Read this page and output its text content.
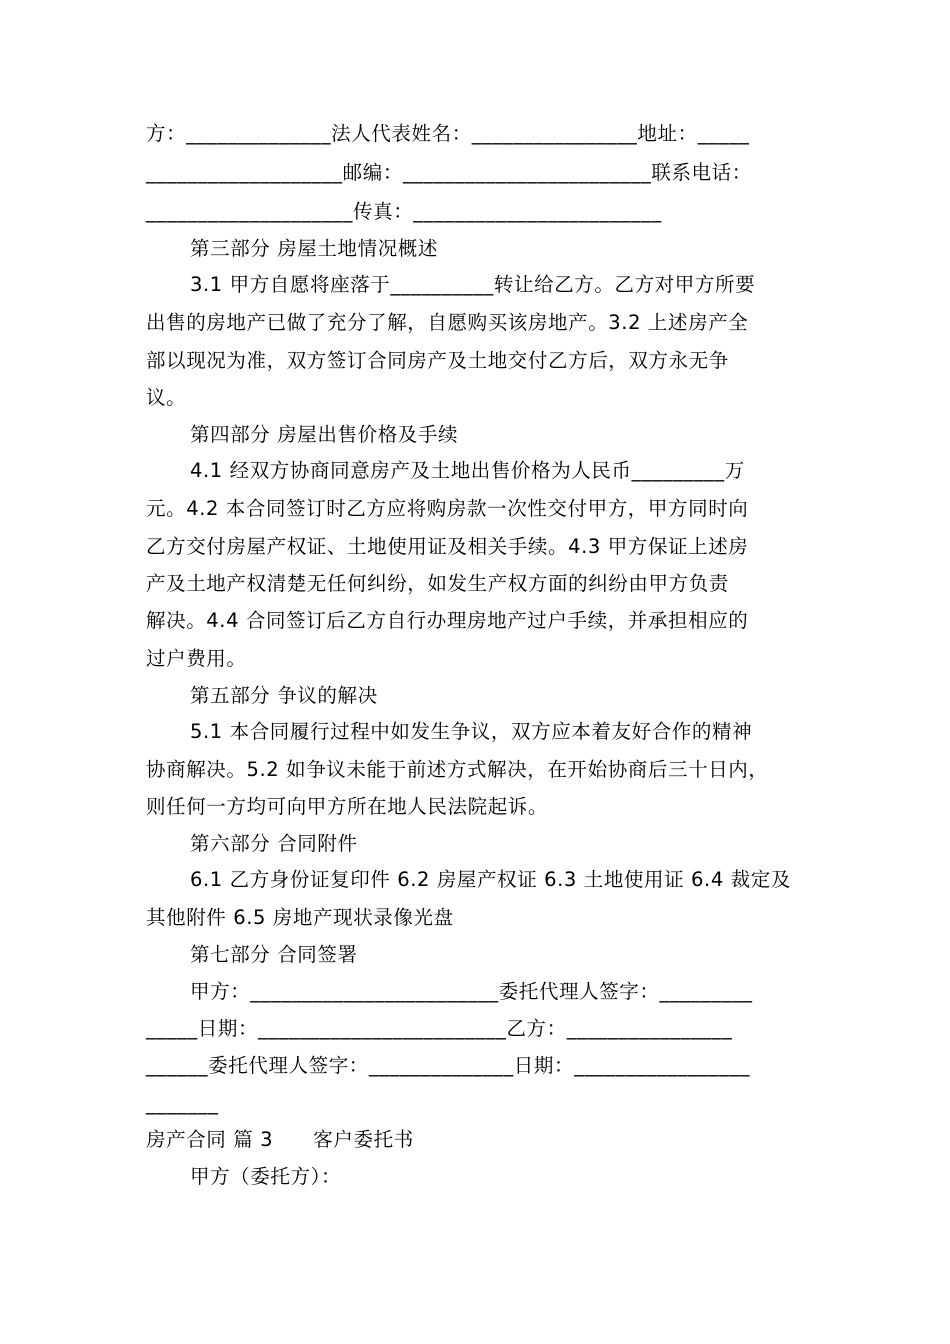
方：______________法人代表姓名：________________地址：_____
___________________邮编：________________________联系电话：
____________________传真：________________________
第三部分 房屋土地情况概述
3.1 甲方自愿将座落于__________转让给乙方。乙方对甲方所要
出售的房地产已做了充分了解，自愿购买该房地产。3.2 上述房产全
部以现况为准，双方签订合同房产及土地交付乙方后，双方永无争
议。
第四部分 房屋出售价格及手续
4.1 经双方协商同意房产及土地出售价格为人民币_________万
元。4.2 本合同签订时乙方应将购房款一次性交付甲方，甲方同时向
乙方交付房屋产权证、土地使用证及相关手续。4.3 甲方保证上述房
产及土地产权清楚无任何纠纷，如发生产权方面的纠纷由甲方负责
解决。4.4 合同签订后乙方自行办理房地产过户手续，并承担相应的
过户费用。
第五部分 争议的解决
5.1 本合同履行过程中如发生争议，双方应本着友好合作的精神
协商解决。5.2 如争议未能于前述方式解决，在开始协商后三十日内，
则任何一方均可向甲方所在地人民法院起诉。
第六部分 合同附件
6.1 乙方身份证复印件 6.2 房屋产权证 6.3 土地使用证 6.4 裁定及
其他附件 6.5 房地产现状录像光盘
第七部分 合同签署
甲方：________________________委托代理人签字：_________
_____日期：________________________乙方：________________
______委托代理人签字：______________日期：_________________
_______
房产合同 篇 3　　客户委托书
甲方（委托方）：
